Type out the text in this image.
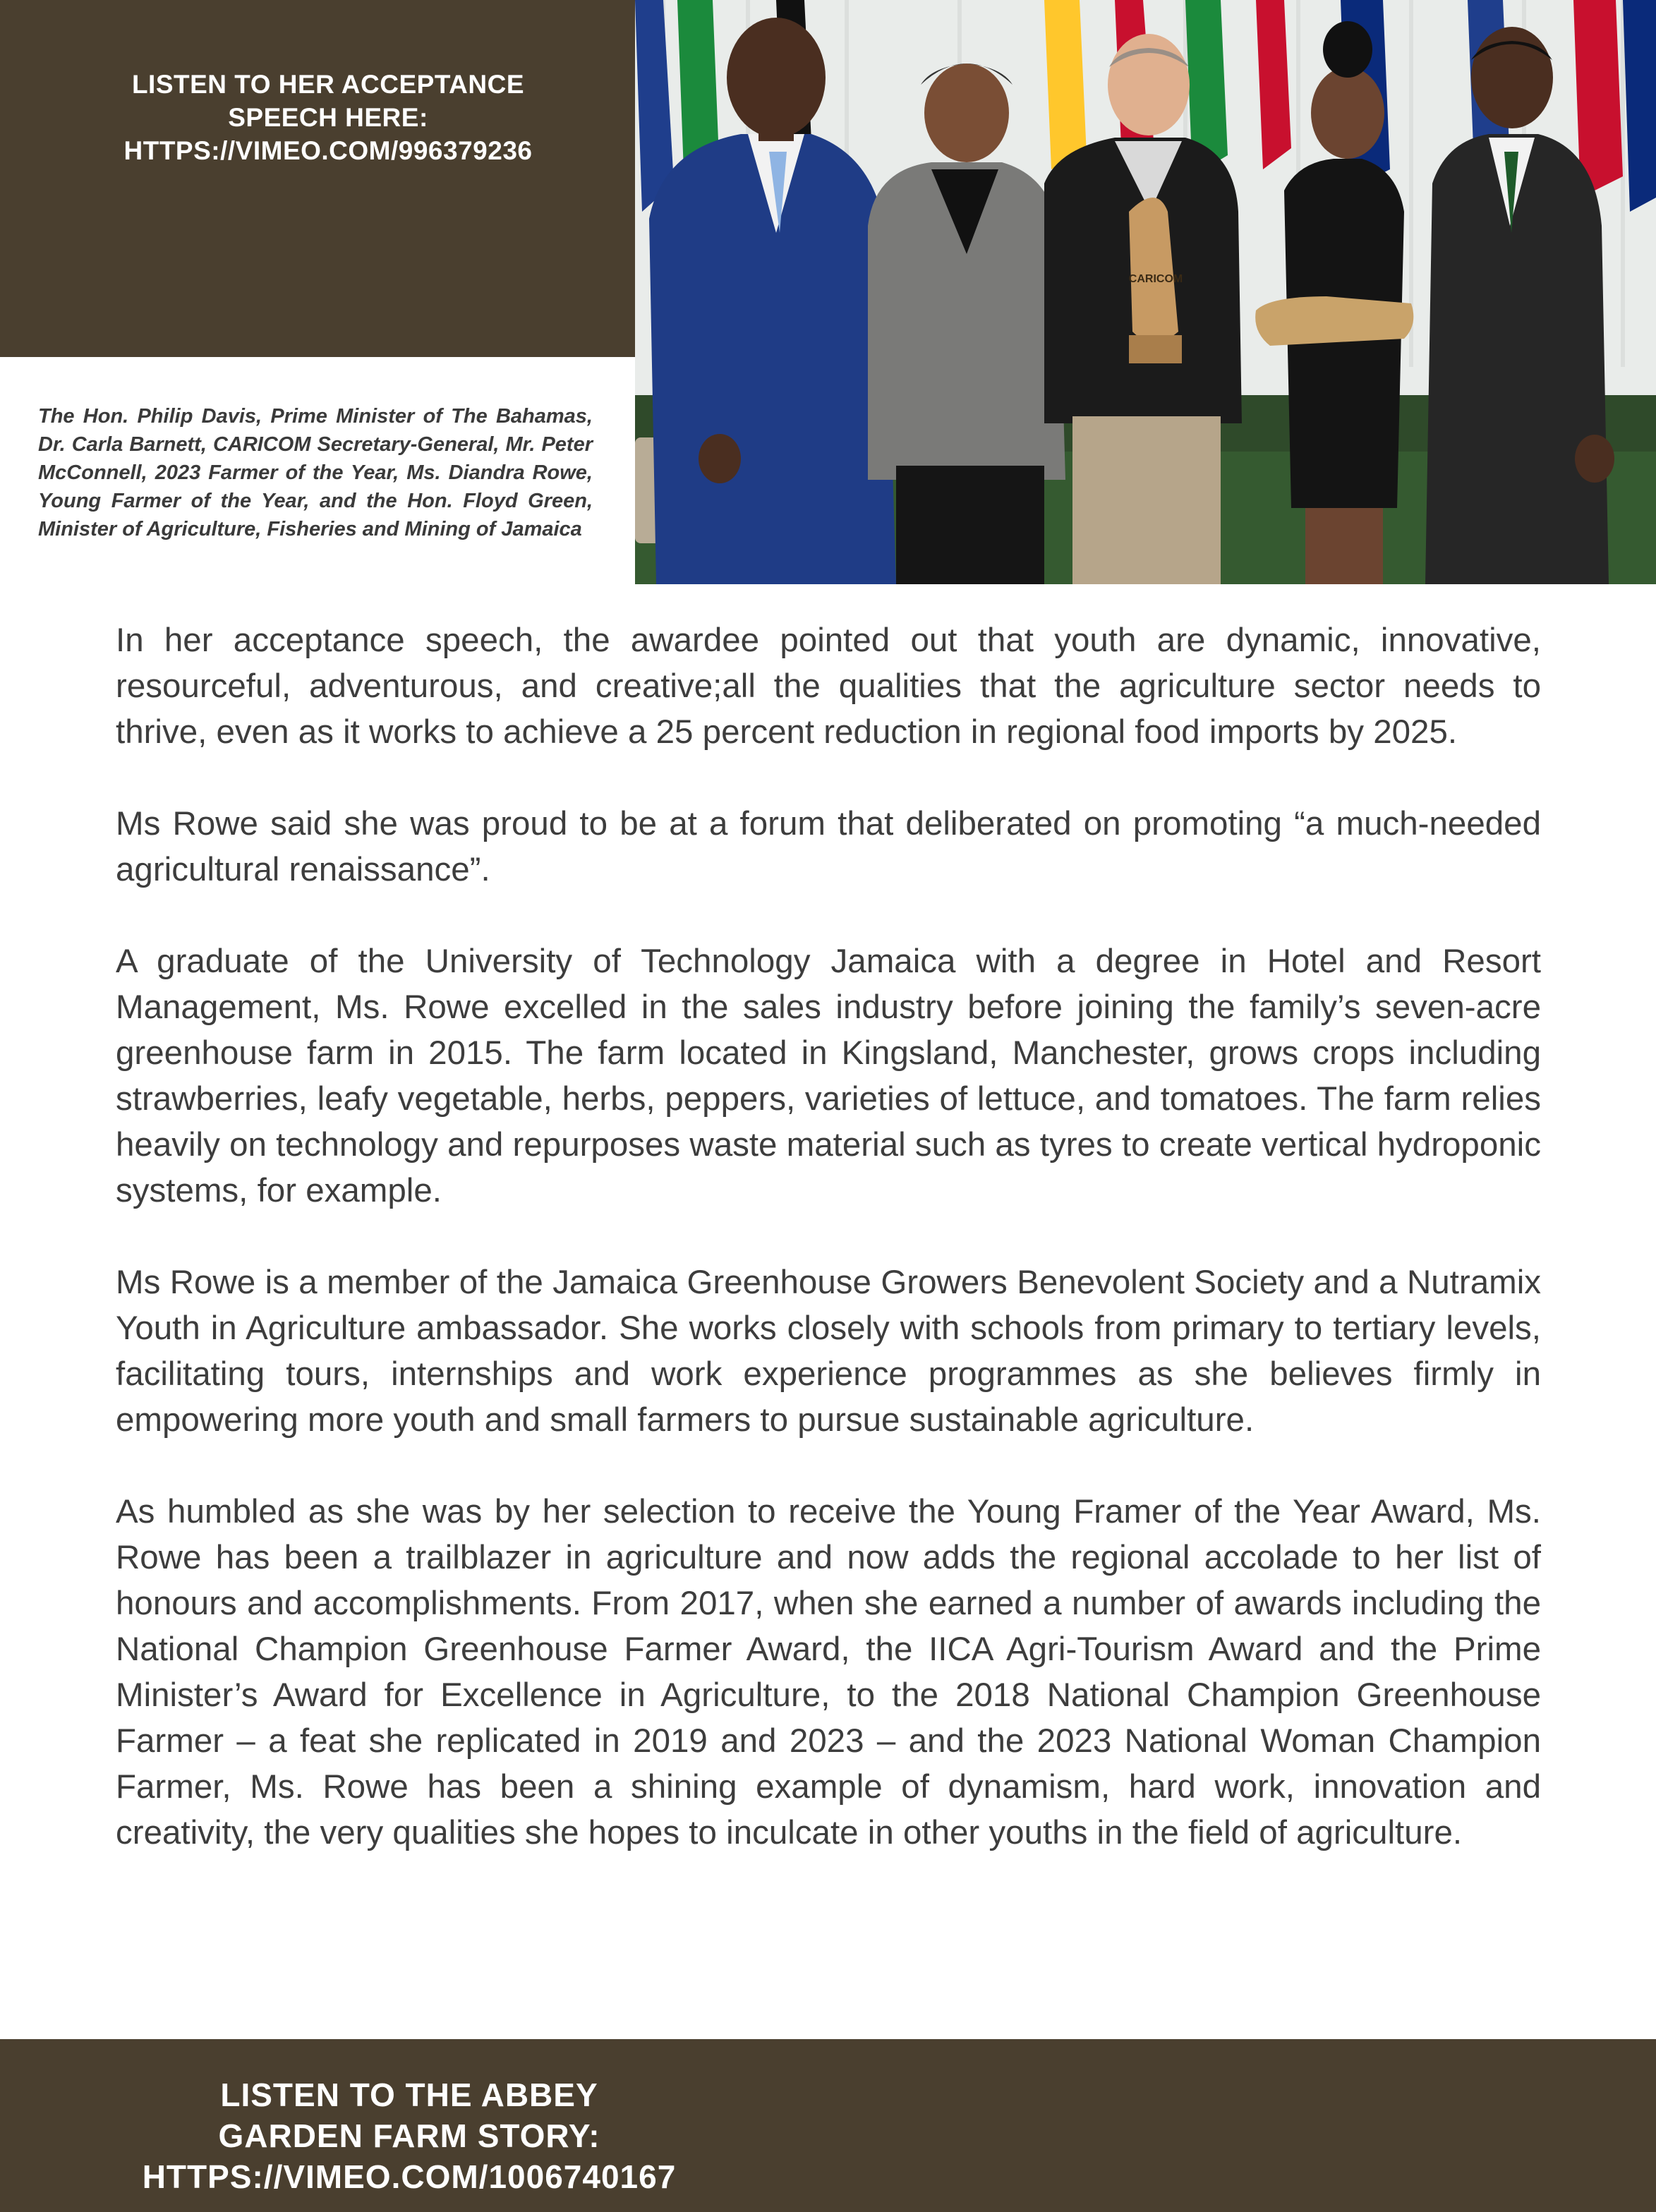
LISTEN TO HER ACCEPTANCE
SPEECH HERE:
HTTPS://VIMEO.COM/996379236
The Hon. Philip Davis, Prime Minister of The Bahamas, Dr. Carla Barnett, CARICOM Secretary-General, Mr. Peter McConnell, 2023 Farmer of the Year, Ms. Diandra Rowe, Young Farmer of the Year, and the Hon. Floyd Green, Minister of Agriculture, Fisheries and Mining of Jamaica
CARICOM

In her acceptance speech, the awardee pointed out that youth are dynamic, innovative, resourceful, adventurous, and creative;all the qualities that the agriculture sector needs to thrive, even as it works to achieve a 25 percent reduction in regional food imports by 2025.

Ms Rowe said she was proud to be at a forum that deliberated on promoting “a much-needed agricultural renaissance”.

A graduate of the University of Technology Jamaica with a degree in Hotel and Resort Management, Ms. Rowe excelled in the sales industry before joining the family’s seven-acre greenhouse farm in 2015. The farm located in Kingsland, Manchester, grows crops including strawberries, leafy vegetable, herbs, peppers, varieties of lettuce, and tomatoes. The farm relies heavily on technology and repurposes waste material such as tyres to create vertical hydroponic systems, for example.

Ms Rowe is a member of the Jamaica Greenhouse Growers Benevolent Society and a Nutramix Youth in Agriculture ambassador. She works closely with schools from primary to tertiary levels, facilitating tours, internships and work experience programmes as she believes firmly in empowering more youth and small farmers to pursue sustainable agriculture.

As humbled as she was by her selection to receive the Young Framer of the Year Award, Ms. Rowe has been a trailblazer in agriculture and now adds the regional accolade to her list of honours and accomplishments. From 2017, when she earned a number of awards including the National Champion Greenhouse Farmer Award, the IICA Agri-Tourism Award and the Prime Minister’s Award for Excellence in Agriculture, to the 2018 National Champion Greenhouse Farmer – a feat she replicated in 2019 and 2023 – and the 2023 National Woman Champion Farmer, Ms. Rowe has been a shining example of dynamism, hard work, innovation and creativity, the very qualities she hopes to inculcate in other youths in the field of agriculture.

LISTEN TO THE ABBEY
GARDEN FARM STORY:
HTTPS://VIMEO.COM/1006740167
